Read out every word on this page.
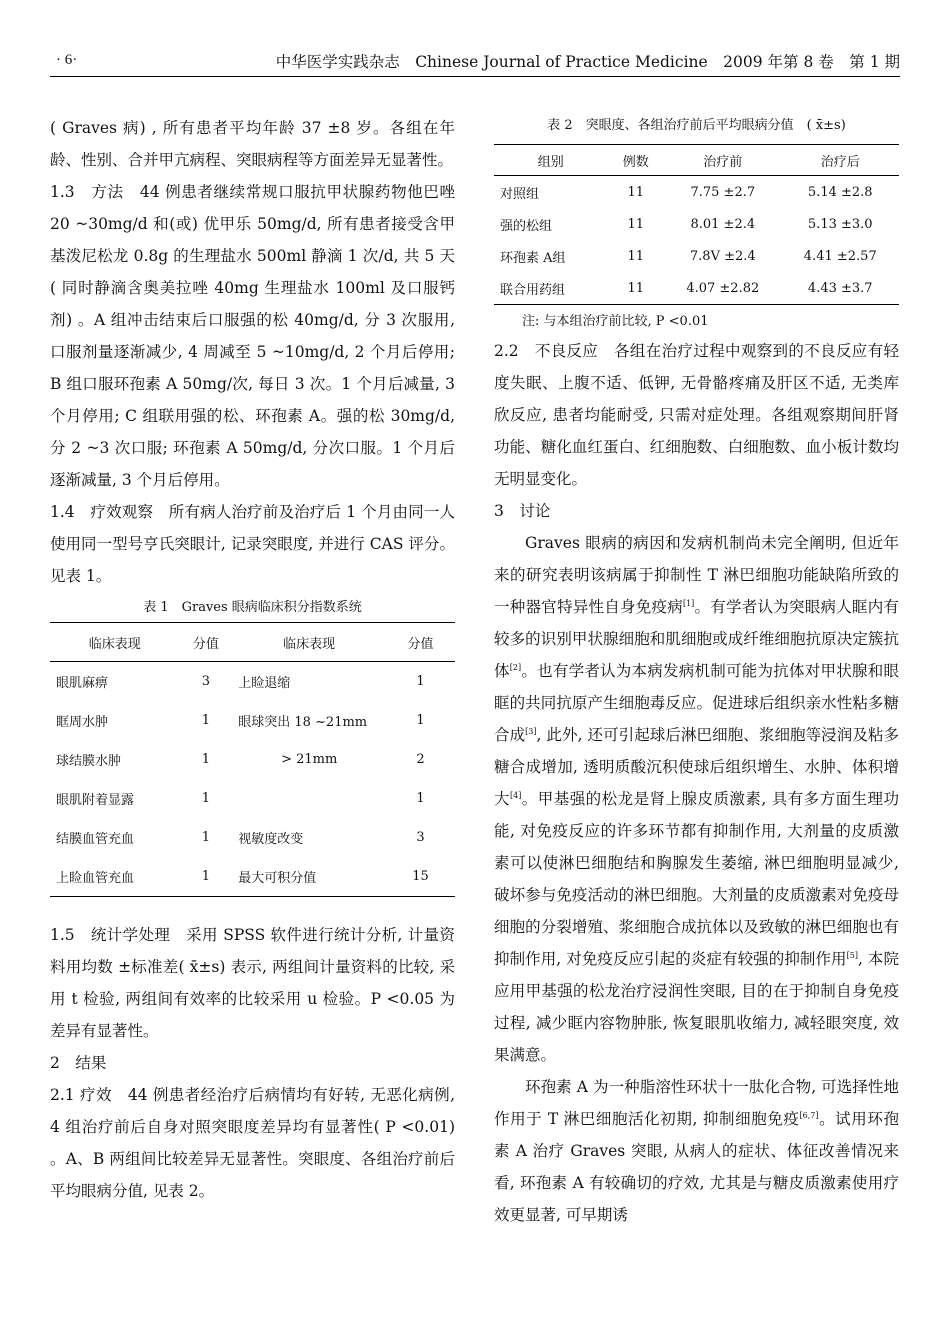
· 6·	中华医学实践杂志　Chinese Journal of Practice Medicine　2009 年第 8 卷　第 1 期

( Graves 病) , 所有患者平均年龄 37 ±8 岁。各组在年龄、性别、合并甲亢病程、突眼病程等方面差异无显著性。

1.3　方法　44 例患者继续常规口服抗甲状腺药物他巴唑 20 ~30mg/d 和(或) 优甲乐 50mg/d, 所有患者接受含甲基泼尼松龙 0.8g 的生理盐水 500ml 静滴 1 次/d, 共 5 天( 同时静滴含奥美拉唑 40mg 生理盐水 100ml 及口服钙剂) 。A 组冲击结束后口服强的松 40mg/d, 分 3 次服用, 口服剂量逐渐减少, 4 周减至 5 ~10mg/d, 2 个月后停用; B 组口服环孢素 A 50mg/次, 每日 3 次。1 个月后减量, 3 个月停用; C 组联用强的松、环孢素 A。强的松 30mg/d, 分 2 ~3 次口服; 环孢素 A 50mg/d, 分次口服。1 个月后逐渐减量, 3 个月后停用。

1.4　疗效观察　所有病人治疗前及治疗后 1 个月由同一人使用同一型号亨氏突眼计, 记录突眼度, 并进行 CAS 评分。见表 1。

表 1　Graves 眼病临床积分指数系统

临床表现	分值	临床表现	分值
眼肌麻痹	3	上睑退缩	1
眶周水肿	1	眼球突出 18 ~21mm	1
球结膜水肿	1	> 21mm	2
眼肌附着显露	1		1
结膜血管充血	1	视敏度改变	3
上睑血管充血	1	最大可积分值	15

1.5　统计学处理　采用 SPSS 软件进行统计分析, 计量资料用均数 ±标准差( x̄±s) 表示, 两组间计量资料的比较, 采用 t 检验, 两组间有效率的比较采用 u 检验。P <0.05 为差异有显著性。

2　结果

2.1 疗效　44 例患者经治疗后病情均有好转, 无恶化病例, 4 组治疗前后自身对照突眼度差异均有显著性( P <0.01) 。A、B 两组间比较差异无显著性。突眼度、各组治疗前后平均眼病分值, 见表 2。

表 2　突眼度、各组治疗前后平均眼病分值　( x̄±s)

组别	例数	治疗前	治疗后
对照组	11	7.75 ±2.7	5.14 ±2.8
强的松组	11	8.01 ±2.4	5.13 ±3.0
环孢素 A组	11	7.8V ±2.4	4.41 ±2.57
联合用药组	11	4.07 ±2.82	4.43 ±3.7

注: 与本组治疗前比较, P <0.01

2.2　不良反应　各组在治疗过程中观察到的不良反应有轻度失眠、上腹不适、低钾, 无骨骼疼痛及肝区不适, 无类库欣反应, 患者均能耐受, 只需对症处理。各组观察期间肝肾功能、糖化血红蛋白、红细胞数、白细胞数、血小板计数均无明显变化。

3　讨论

Graves 眼病的病因和发病机制尚未完全阐明, 但近年来的研究表明该病属于抑制性 T 淋巴细胞功能缺陷所致的一种器官特异性自身免疫病[1]。有学者认为突眼病人眶内有较多的识别甲状腺细胞和肌细胞或成纤维细胞抗原决定簇抗体[2]。也有学者认为本病发病机制可能为抗体对甲状腺和眼眶的共同抗原产生细胞毒反应。促进球后组织亲水性粘多糖合成[3], 此外, 还可引起球后淋巴细胞、浆细胞等浸润及粘多糖合成增加, 透明质酸沉积使球后组织增生、水肿、体积增大[4]。甲基强的松龙是肾上腺皮质激素, 具有多方面生理功能, 对免疫反应的许多环节都有抑制作用, 大剂量的皮质激素可以使淋巴细胞结和胸腺发生萎缩, 淋巴细胞明显减少, 破坏参与免疫活动的淋巴细胞。大剂量的皮质激素对免疫母细胞的分裂增殖、浆细胞合成抗体以及致敏的淋巴细胞也有抑制作用, 对免疫反应引起的炎症有较强的抑制作用[5], 本院应用甲基强的松龙治疗浸润性突眼, 目的在于抑制自身免疫过程, 减少眶内容物肿胀, 恢复眼肌收缩力, 减轻眼突度, 效果满意。

环孢素 A 为一种脂溶性环状十一肽化合物, 可选择性地作用于 T 淋巴细胞活化初期, 抑制细胞免疫[6,7]。试用环孢素 A 治疗 Graves 突眼, 从病人的症状、体征改善情况来看, 环孢素 A 有较确切的疗效, 尤其是与糖皮质激素使用疗效更显著, 可早期诱
